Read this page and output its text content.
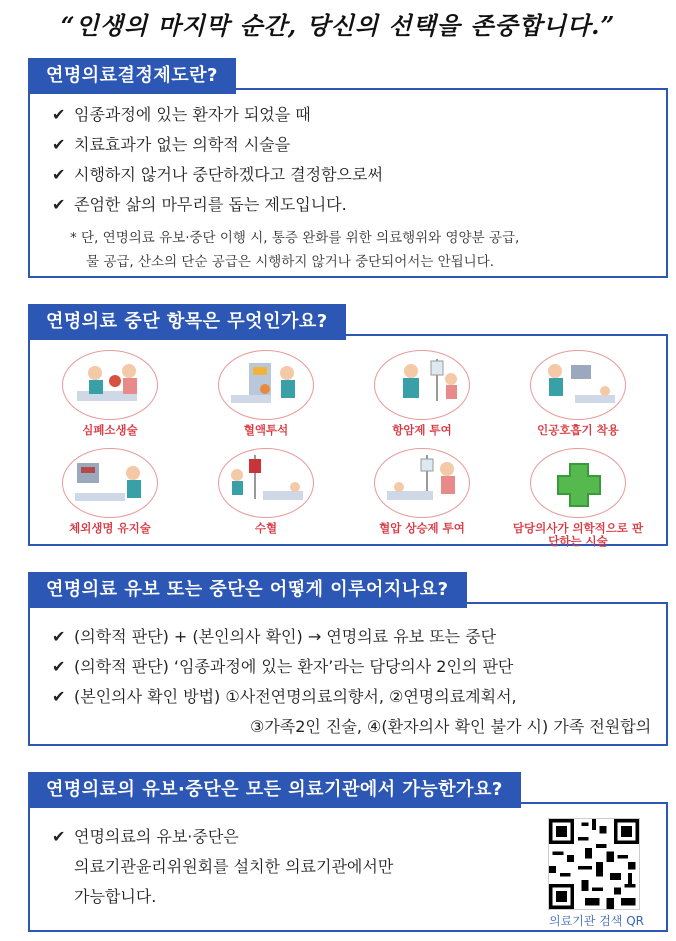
“인생의 마지막 순간, 당신의 선택을 존중합니다.”
연명의료결정제도란?
✔ 임종과정에 있는 환자가 되었을 때
✔ 치료효과가 없는 의학적 시술을
✔ 시행하지 않거나 중단하겠다고 결정함으로써
✔ 존엄한 삶의 마무리를 돕는 제도입니다.
* 단, 연명의료 유보·중단 이행 시, 통증 완화를 위한 의료행위와 영양분 공급,
물 공급, 산소의 단순 공급은 시행하지 않거나 중단되어서는 안됩니다.
연명의료 중단 항목은 무엇인가요?
심폐소생술	혈액투석	항암제 투여	인공호흡기 착용
체외생명 유지술	수혈	혈압 상승제 투여	담당의사가 의학적으로 판단하는 시술
연명의료 유보 또는 중단은 어떻게 이루어지나요?
✔ (의학적 판단) + (본인의사 확인) → 연명의료 유보 또는 중단
✔ (의학적 판단) ‘임종과정에 있는 환자’라는 담당의사 2인의 판단
✔ (본인의사 확인 방법) ①사전연명의료의향서, ②연명의료계획서,
③가족2인 진술, ④(환자의사 확인 불가 시) 가족 전원합의
연명의료의 유보·중단은 모든 의료기관에서 가능한가요?
✔ 연명의료의 유보·중단은
의료기관윤리위원회를 설치한 의료기관에서만
가능합니다.
의료기관 검색 QR
